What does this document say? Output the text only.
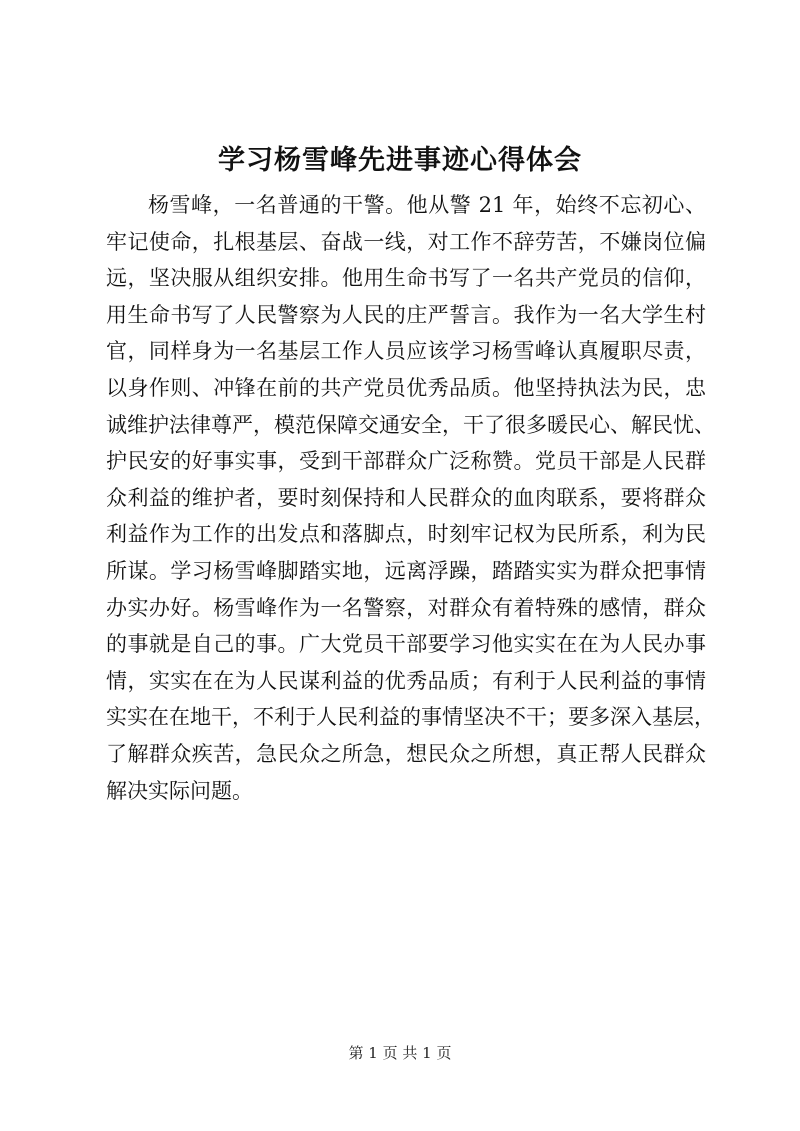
学习杨雪峰先进事迹心得体会
杨雪峰，一名普通的干警。他从警 21 年，始终不忘初心、
牢记使命，扎根基层、奋战一线，对工作不辞劳苦，不嫌岗位偏
远，坚决服从组织安排。他用生命书写了一名共产党员的信仰，
用生命书写了人民警察为人民的庄严誓言。我作为一名大学生村
官，同样身为一名基层工作人员应该学习杨雪峰认真履职尽责，
以身作则、冲锋在前的共产党员优秀品质。他坚持执法为民，忠
诚维护法律尊严，模范保障交通安全，干了很多暖民心、解民忧、
护民安的好事实事，受到干部群众广泛称赞。党员干部是人民群
众利益的维护者，要时刻保持和人民群众的血肉联系，要将群众
利益作为工作的出发点和落脚点，时刻牢记权为民所系，利为民
所谋。学习杨雪峰脚踏实地，远离浮躁，踏踏实实为群众把事情
办实办好。杨雪峰作为一名警察，对群众有着特殊的感情，群众
的事就是自己的事。广大党员干部要学习他实实在在为人民办事
情，实实在在为人民谋利益的优秀品质；有利于人民利益的事情
实实在在地干，不利于人民利益的事情坚决不干；要多深入基层，
了解群众疾苦，急民众之所急，想民众之所想，真正帮人民群众
解决实际问题。
第 1 页 共 1 页
